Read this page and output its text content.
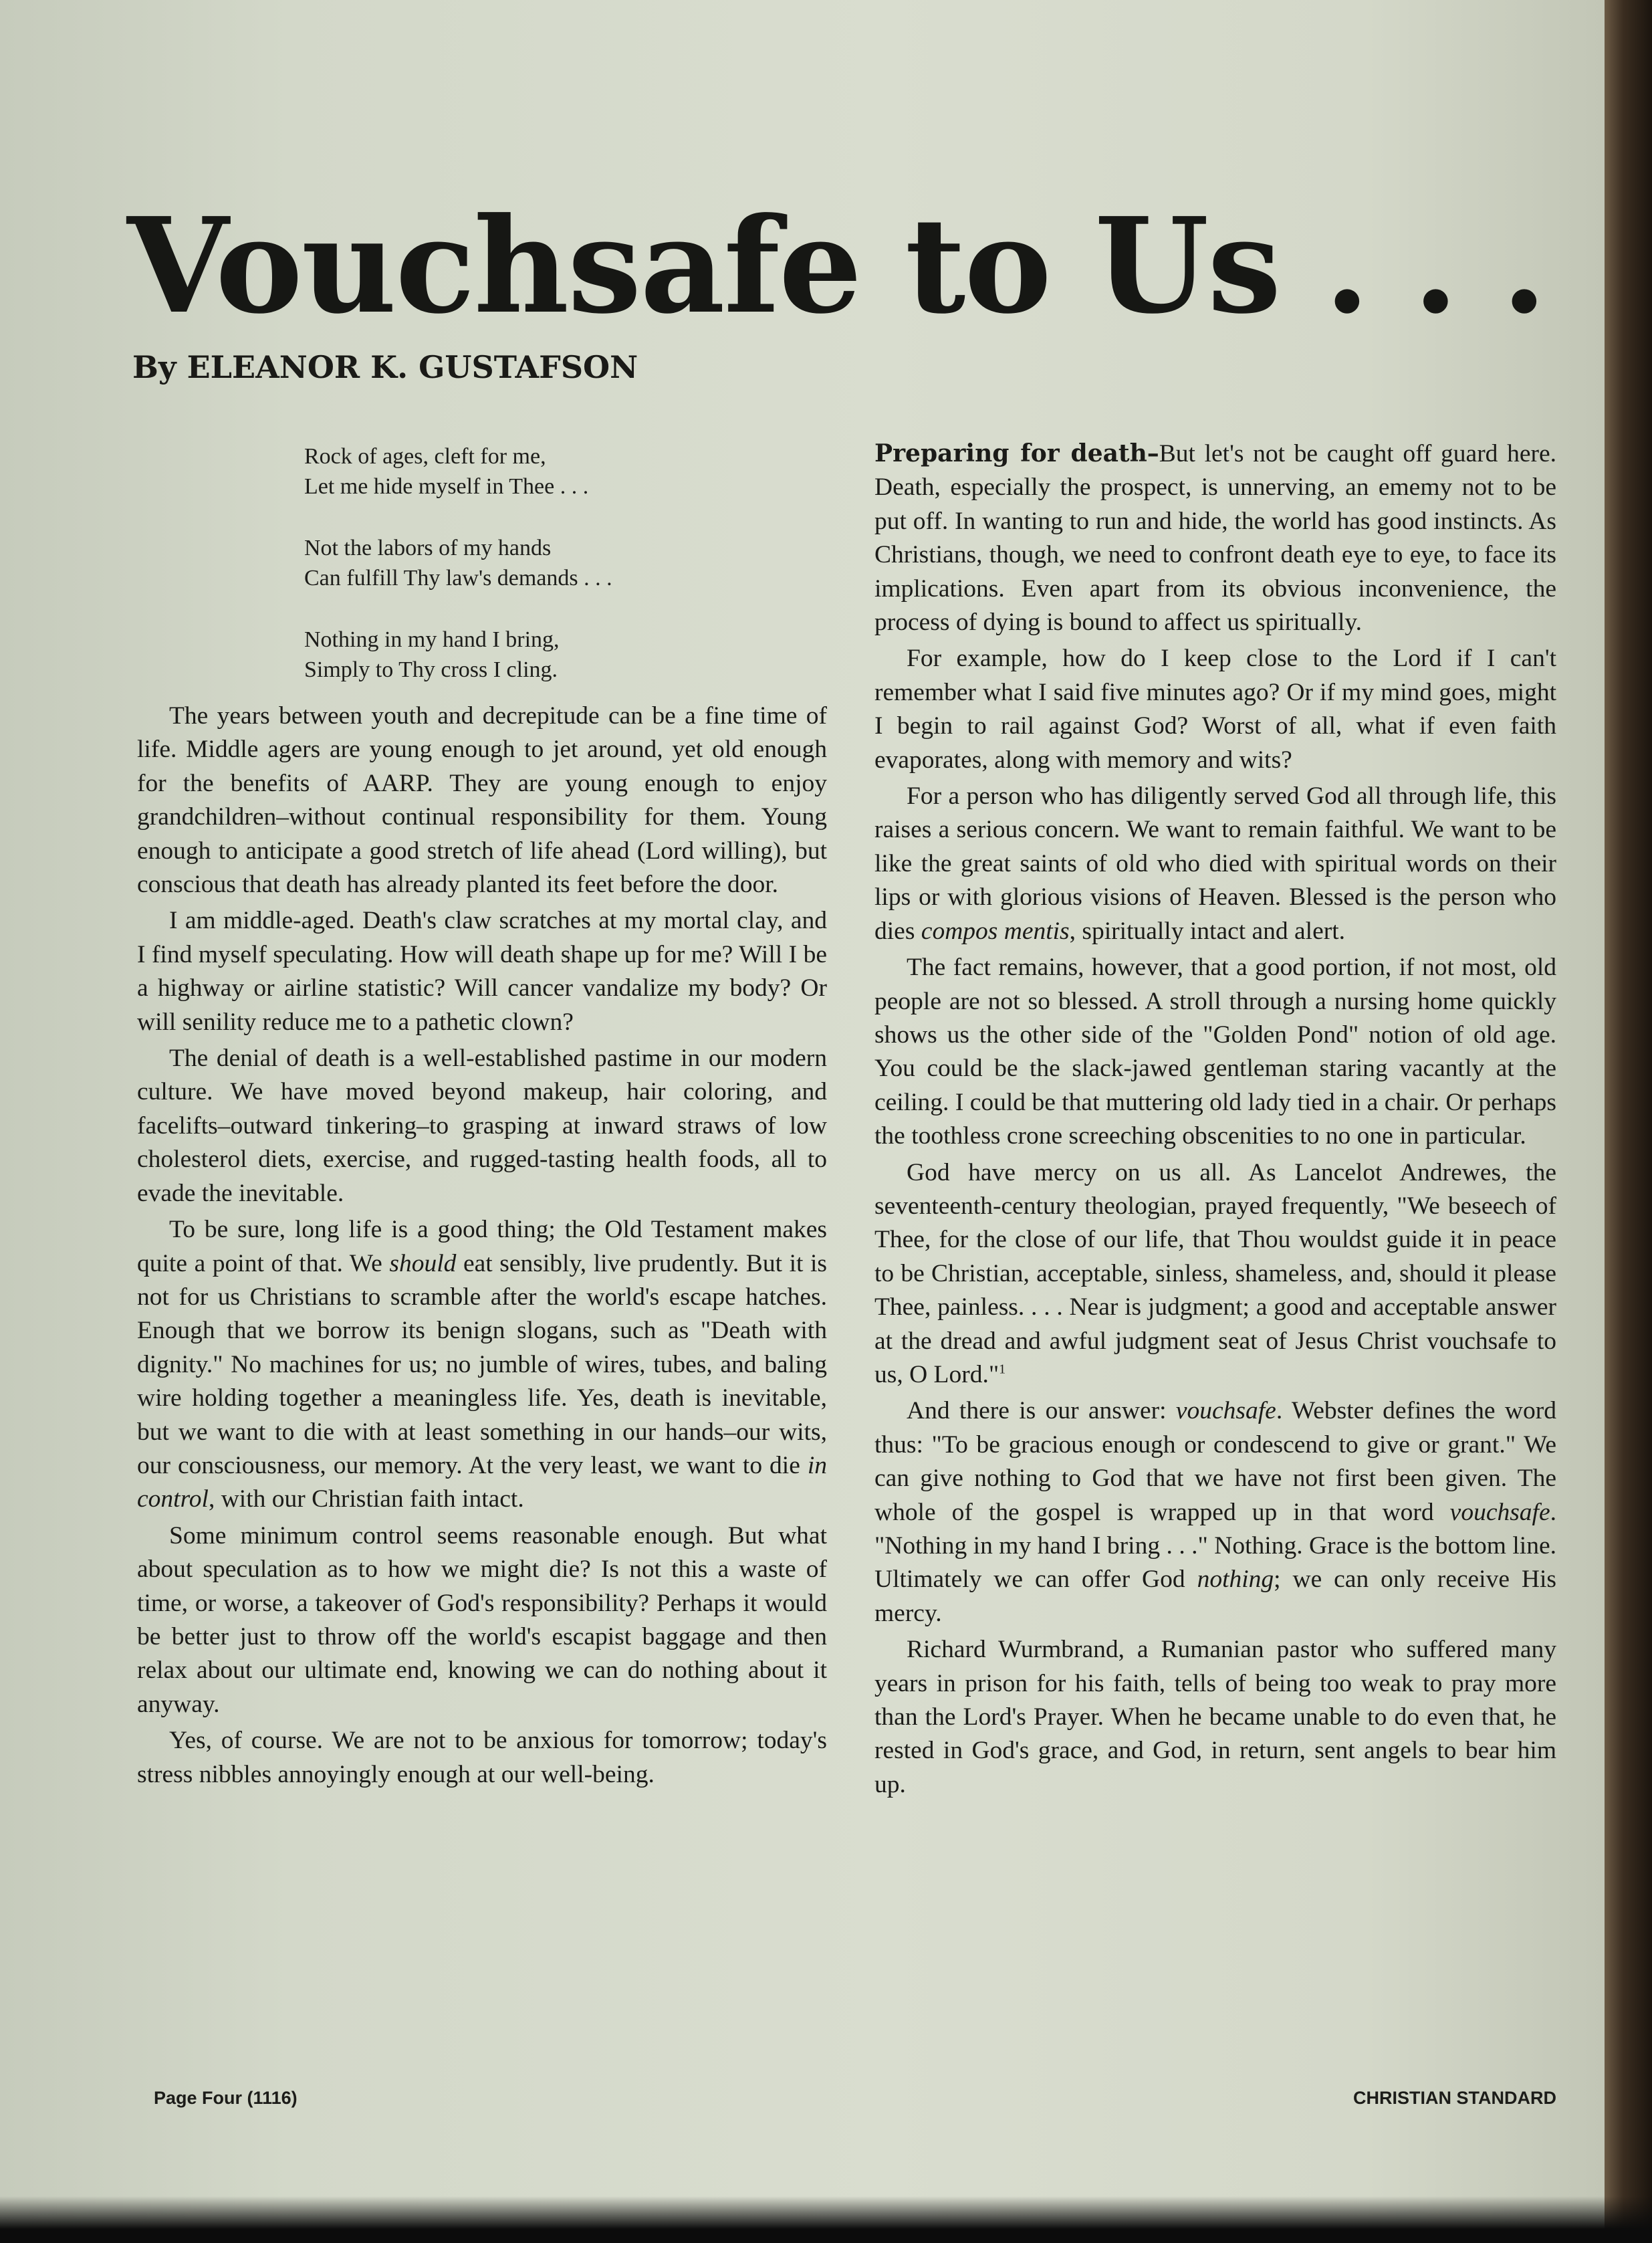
Vouchsafe to Us . . .
By ELEANOR K. GUSTAFSON
Rock of ages, cleft for me,
Let me hide myself in Thee . . .
Not the labors of my hands
Can fulfill Thy law's demands . . .
Nothing in my hand I bring,
Simply to Thy cross I cling.

The years between youth and decrepitude can be a fine time of life. Middle agers are young enough to jet around, yet old enough for the benefits of AARP. They are young enough to enjoy grandchildren–without continual responsibility for them. Young enough to anticipate a good stretch of life ahead (Lord willing), but conscious that death has already planted its feet before the door.

I am middle-aged. Death's claw scratches at my mortal clay, and I find myself speculating. How will death shape up for me? Will I be a highway or airline statistic? Will cancer vandalize my body? Or will senility reduce me to a pathetic clown?

The denial of death is a well-established pastime in our modern culture. We have moved beyond makeup, hair coloring, and facelifts–outward tinkering–to grasping at inward straws of low cholesterol diets, exercise, and rugged-tasting health foods, all to evade the inevitable.

To be sure, long life is a good thing; the Old Testament makes quite a point of that. We should eat sensibly, live prudently. But it is not for us Christians to scramble after the world's escape hatches. Enough that we borrow its benign slogans, such as "Death with dignity." No machines for us; no jumble of wires, tubes, and baling wire holding together a meaningless life. Yes, death is inevitable, but we want to die with at least something in our hands–our wits, our consciousness, our memory. At the very least, we want to die in control, with our Christian faith intact.

Some minimum control seems reasonable enough. But what about speculation as to how we might die? Is not this a waste of time, or worse, a takeover of God's responsibility? Perhaps it would be better just to throw off the world's escapist baggage and then relax about our ultimate end, knowing we can do nothing about it anyway.

Yes, of course. We are not to be anxious for tomorrow; today's stress nibbles annoyingly enough at our well-being.

Preparing for death–But let's not be caught off guard here. Death, especially the prospect, is unnerving, an ememy not to be put off. In wanting to run and hide, the world has good instincts. As Christians, though, we need to confront death eye to eye, to face its implications. Even apart from its obvious inconvenience, the process of dying is bound to affect us spiritually.

For example, how do I keep close to the Lord if I can't remember what I said five minutes ago? Or if my mind goes, might I begin to rail against God? Worst of all, what if even faith evaporates, along with memory and wits?

For a person who has diligently served God all through life, this raises a serious concern. We want to remain faithful. We want to be like the great saints of old who died with spiritual words on their lips or with glorious visions of Heaven. Blessed is the person who dies compos mentis, spiritually intact and alert.

The fact remains, however, that a good portion, if not most, old people are not so blessed. A stroll through a nursing home quickly shows us the other side of the "Golden Pond" notion of old age. You could be the slack-jawed gentleman staring vacantly at the ceiling. I could be that muttering old lady tied in a chair. Or perhaps the toothless crone screeching obscenities to no one in particular.

God have mercy on us all. As Lancelot Andrewes, the seventeenth-century theologian, prayed frequently, "We beseech of Thee, for the close of our life, that Thou wouldst guide it in peace to be Christian, acceptable, sinless, shameless, and, should it please Thee, painless. . . . Near is judgment; a good and acceptable answer at the dread and awful judgment seat of Jesus Christ vouchsafe to us, O Lord."$^1$

And there is our answer: vouchsafe. Webster defines the word thus: "To be gracious enough or condescend to give or grant." We can give nothing to God that we have not first been given. The whole of the gospel is wrapped up in that word vouchsafe. "Nothing in my hand I bring . . ." Nothing. Grace is the bottom line. Ultimately we can offer God nothing; we can only receive His mercy.

Richard Wurmbrand, a Rumanian pastor who suffered many years in prison for his faith, tells of being too weak to pray more than the Lord's Prayer. When he became unable to do even that, he rested in God's grace, and God, in return, sent angels to bear him up.

Page Four (1116)	CHRISTIAN STANDARD
